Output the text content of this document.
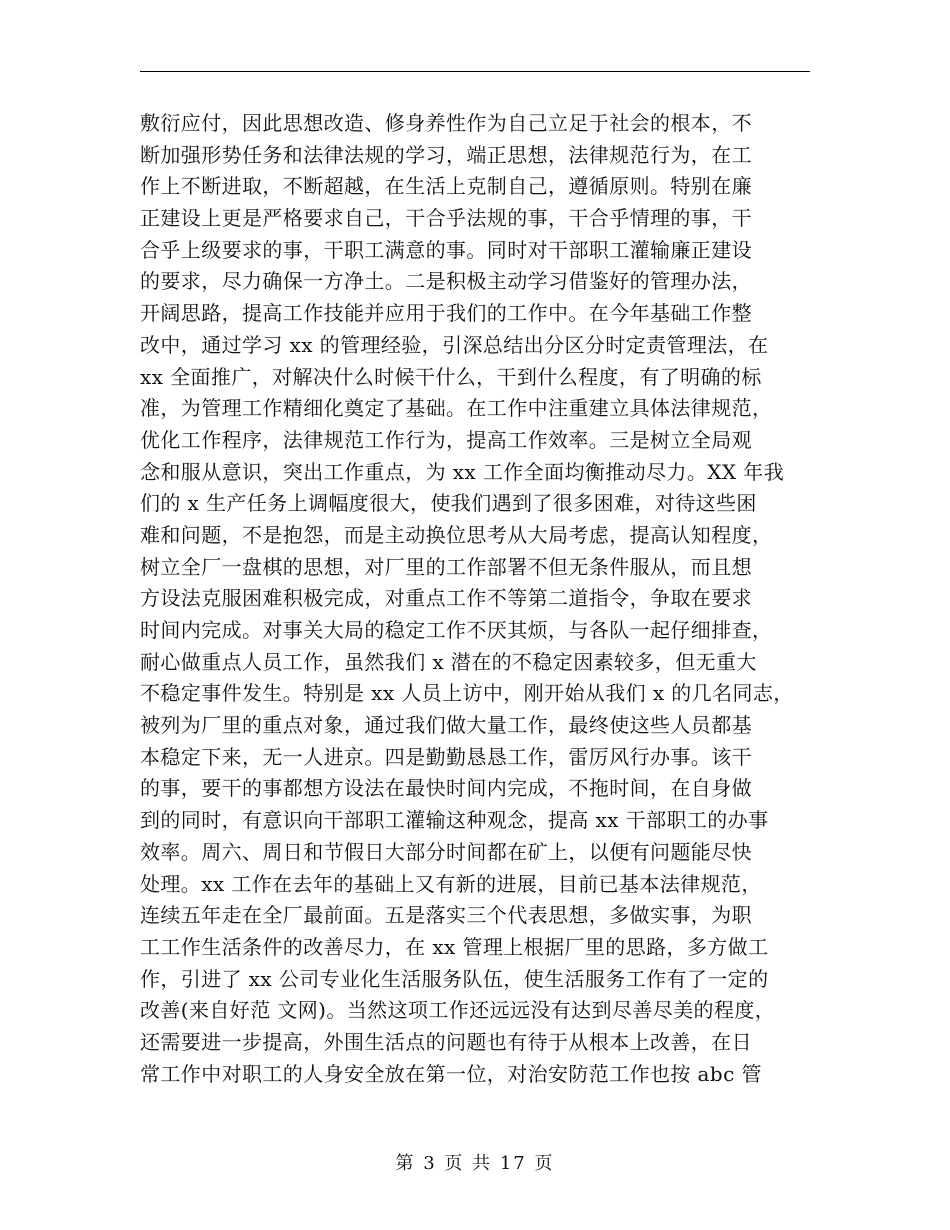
敷衍应付，因此思想改造、修身养性作为自己立足于社会的根本，不
断加强形势任务和法律法规的学习，端正思想，法律规范行为，在工
作上不断进取，不断超越，在生活上克制自己，遵循原则。特别在廉
正建设上更是严格要求自己，干合乎法规的事，干合乎情理的事，干
合乎上级要求的事，干职工满意的事。同时对干部职工灌输廉正建设
的要求，尽力确保一方净土。二是积极主动学习借鉴好的管理办法，
开阔思路，提高工作技能并应用于我们的工作中。在今年基础工作整
改中，通过学习 xx 的管理经验，引深总结出分区分时定责管理法，在
xx 全面推广，对解决什么时候干什么，干到什么程度，有了明确的标
准，为管理工作精细化奠定了基础。在工作中注重建立具体法律规范，
优化工作程序，法律规范工作行为，提高工作效率。三是树立全局观
念和服从意识，突出工作重点，为 xx 工作全面均衡推动尽力。XX 年我
们的 x 生产任务上调幅度很大，使我们遇到了很多困难，对待这些困
难和问题，不是抱怨，而是主动换位思考从大局考虑，提高认知程度，
树立全厂一盘棋的思想，对厂里的工作部署不但无条件服从，而且想
方设法克服困难积极完成，对重点工作不等第二道指令，争取在要求
时间内完成。对事关大局的稳定工作不厌其烦，与各队一起仔细排查，
耐心做重点人员工作，虽然我们 x 潜在的不稳定因素较多，但无重大
不稳定事件发生。特别是 xx 人员上访中，刚开始从我们 x 的几名同志，
被列为厂里的重点对象，通过我们做大量工作，最终使这些人员都基
本稳定下来，无一人进京。四是勤勤恳恳工作，雷厉风行办事。该干
的事，要干的事都想方设法在最快时间内完成，不拖时间，在自身做
到的同时，有意识向干部职工灌输这种观念，提高 xx 干部职工的办事
效率。周六、周日和节假日大部分时间都在矿上，以便有问题能尽快
处理。xx 工作在去年的基础上又有新的进展，目前已基本法律规范，
连续五年走在全厂最前面。五是落实三个代表思想，多做实事，为职
工工作生活条件的改善尽力，在 xx 管理上根据厂里的思路，多方做工
作，引进了 xx 公司专业化生活服务队伍，使生活服务工作有了一定的
改善(来自好范 文网)。当然这项工作还远远没有达到尽善尽美的程度，
还需要进一步提高，外围生活点的问题也有待于从根本上改善，在日
常工作中对职工的人身安全放在第一位，对治安防范工作也按 abc 管
第 3 页 共 17 页
